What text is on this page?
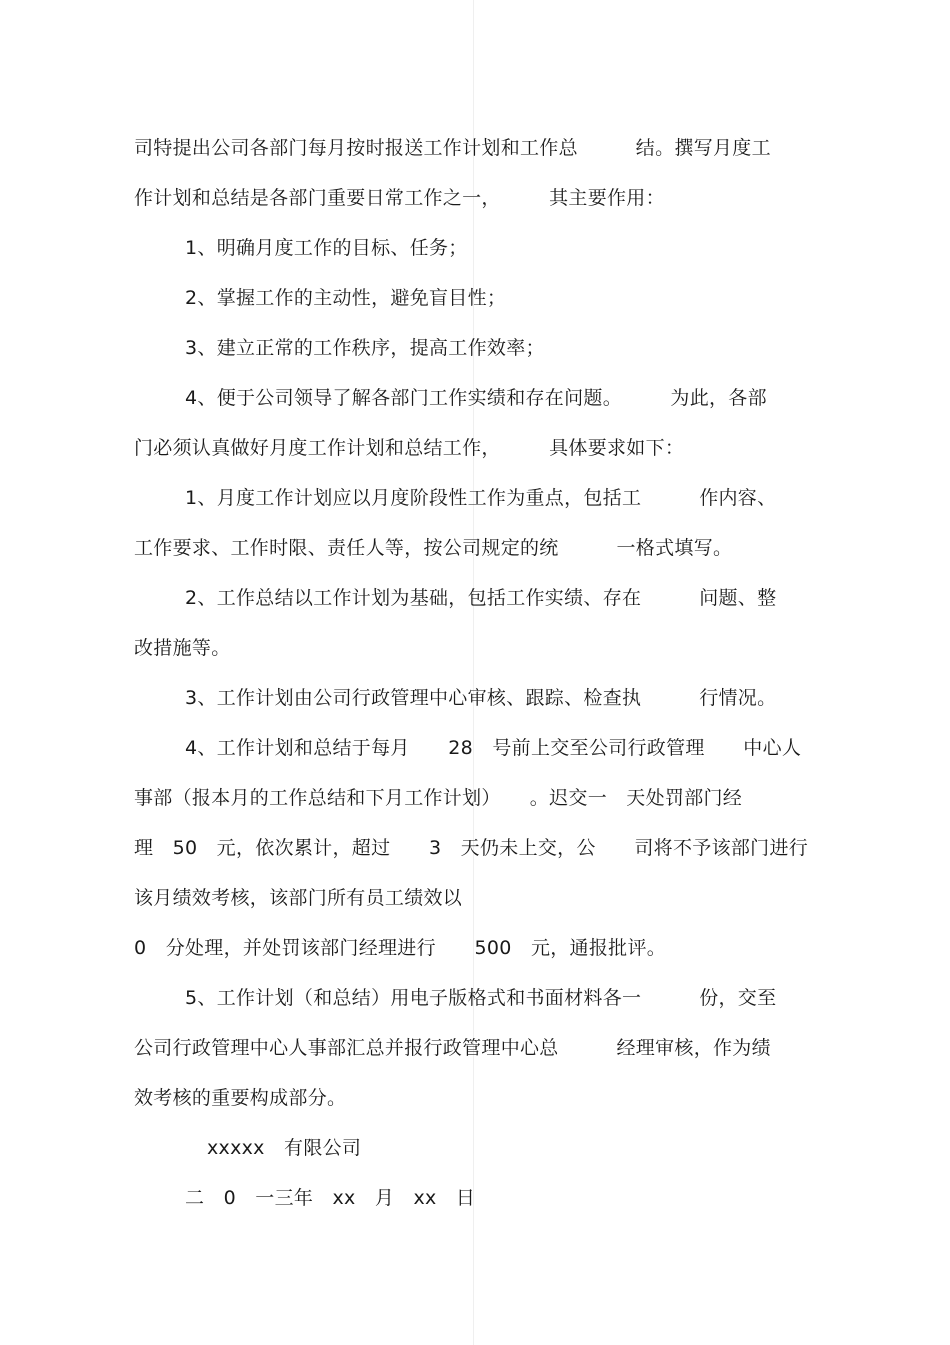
司特提出公司各部门每月按时报送工作计划和工作总　　　结。撰写月度工
作计划和总结是各部门重要日常工作之一，　　　其主要作用：
1、明确月度工作的目标、任务；
2、掌握工作的主动性，避免盲目性；
3、建立正常的工作秩序，提高工作效率；
4、便于公司领导了解各部门工作实绩和存在问题。　　　为此，各部
门必须认真做好月度工作计划和总结工作，　　　具体要求如下：
1、月度工作计划应以月度阶段性工作为重点，包括工　　　作内容、
工作要求、工作时限、责任人等，按公司规定的统　　　一格式填写。
2、工作总结以工作计划为基础，包括工作实绩、存在　　　问题、整
改措施等。
3、工作计划由公司行政管理中心审核、跟踪、检查执　　　行情况。
4、工作计划和总结于每月　　28　号前上交至公司行政管理　　中心人
事部（报本月的工作总结和下月工作计划）　　。迟交一　天处罚部门经
理　50　元，依次累计，超过　　3　天仍未上交，公　　司将不予该部门进行
该月绩效考核，该部门所有员工绩效以
0　分处理，并处罚该部门经理进行　　500　元，通报批评。
5、工作计划（和总结）用电子版格式和书面材料各一　　　份，交至
公司行政管理中心人事部汇总并报行政管理中心总　　　经理审核，作为绩
效考核的重要构成部分。
xxxxx　有限公司
二　0　一三年　xx　月　xx　日
